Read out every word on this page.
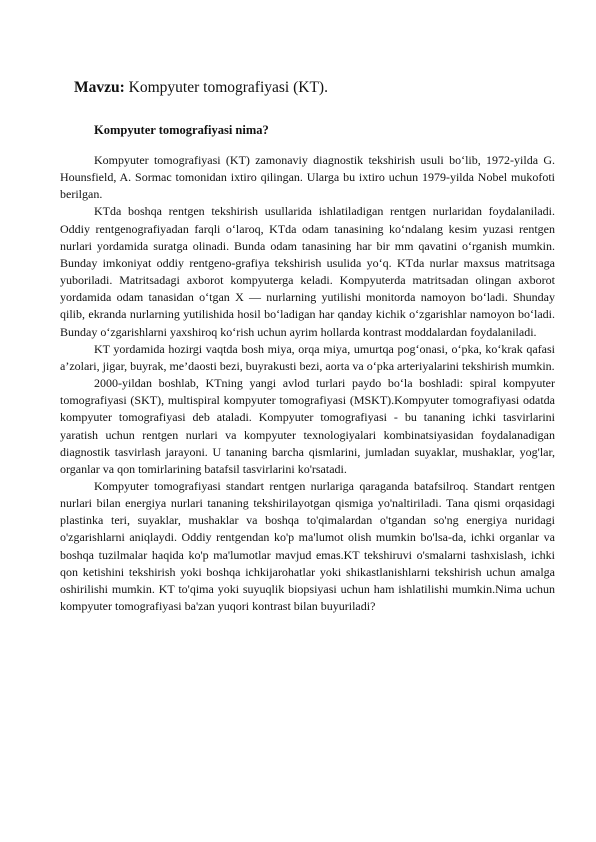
Mavzu: Kompyuter tomografiyasi (KT).
Kompyuter tomografiyasi nima?

Kompyuter tomografiyasi (KT) zamonaviy diagnostik tekshirish usuli bo‘lib, 1972-yilda G. Hounsfield, A. Sormac tomonidan ixtiro qilingan. Ularga bu ixtiro uchun 1979-yilda Nobel mukofoti berilgan.

KTda boshqa rentgen tekshirish usullarida ishlatiladigan rentgen nurlaridan foydalaniladi. Oddiy rentgenografiyadan farqli o‘laroq, KTda odam tanasining ko‘ndalang kesim yuzasi rentgen nurlari yordamida suratga olinadi. Bunda odam tanasining har bir mm qavatini o‘rganish mumkin. Bunday imkoniyat oddiy rentgeno-grafiya tekshirish usulida yo‘q. KTda nurlar maxsus matritsaga yuboriladi. Matritsadagi axborot kompyuterga keladi. Kompyuterda matritsadan olingan axborot yordamida odam tanasidan o‘tgan X — nurlarning yutilishi monitorda namoyon bo‘ladi. Shunday qilib, ekranda nurlarning yutilishida hosil bo‘ladigan har qanday kichik o‘zgarishlar namoyon bo‘ladi. Bunday o‘zgarishlarni yaxshiroq ko‘rish uchun ayrim hollarda kontrast moddalardan foydalaniladi.

KT yordamida hozirgi vaqtda bosh miya, orqa miya, umurtqa pog‘onasi, o‘pka, ko‘krak qafasi a’zolari, jigar, buyrak, me’daosti bezi, buyrakusti bezi, aorta va o‘pka arteriyalarini tekshirish mumkin.

2000-yildan boshlab, KTning yangi avlod turlari paydo bo‘la boshladi: spiral kompyuter tomografiyasi (SKT), multispiral kompyuter tomografiyasi (MSKT).Kompyuter tomografiyasi odatda kompyuter tomografiyasi deb ataladi. Kompyuter tomografiyasi - bu tananing ichki tasvirlarini yaratish uchun rentgen nurlari va kompyuter texnologiyalari kombinatsiyasidan foydalanadigan diagnostik tasvirlash jarayoni. U tananing barcha qismlarini, jumladan suyaklar, mushaklar, yog'lar, organlar va qon tomirlarining batafsil tasvirlarini ko'rsatadi.

Kompyuter tomografiyasi standart rentgen nurlariga qaraganda batafsilroq. Standart rentgen nurlari bilan energiya nurlari tananing tekshirilayotgan qismiga yo'naltiriladi. Tana qismi orqasidagi plastinka teri, suyaklar, mushaklar va boshqa to'qimalardan o'tgandan so'ng energiya nuridagi o'zgarishlarni aniqlaydi. Oddiy rentgendan ko'p ma'lumot olish mumkin bo'lsa-da, ichki organlar va boshqa tuzilmalar haqida ko'p ma'lumotlar mavjud emas.KT tekshiruvi o'smalarni tashxislash, ichki qon ketishini tekshirish yoki boshqa ichkijarohatlar yoki shikastlanishlarni tekshirish uchun amalga oshirilishi mumkin. KT to'qima yoki suyuqlik biopsiyasi uchun ham ishlatilishi mumkin.Nima uchun kompyuter tomografiyasi ba'zan yuqori kontrast bilan buyuriladi?
